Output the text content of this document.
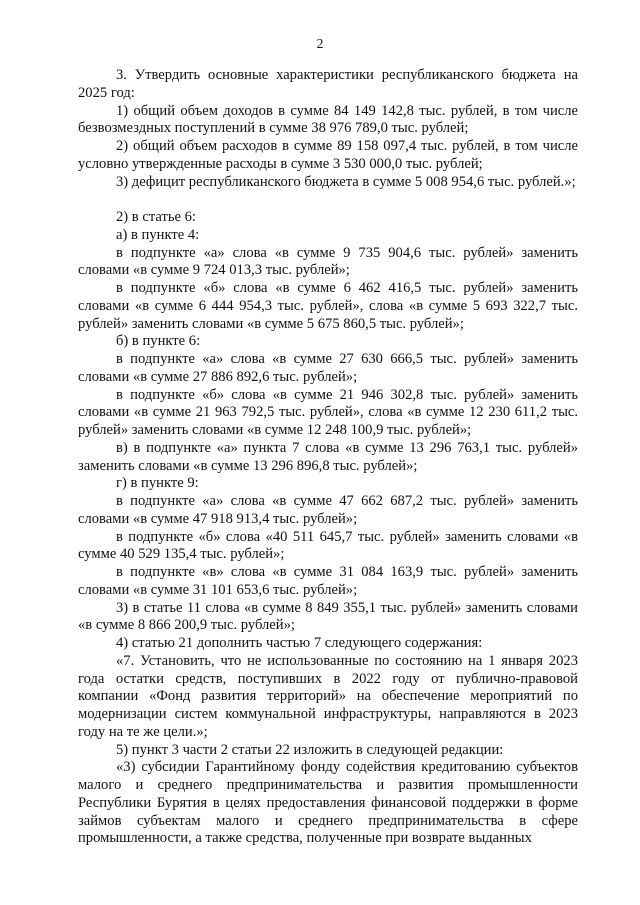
2

3. Утвердить основные характеристики республиканского бюджета на 2025 год:

1) общий объем доходов в сумме 84 149 142,8 тыс. рублей, в том числе безвозмездных поступлений в сумме 38 976 789,0 тыс. рублей;

2) общий объем расходов в сумме 89 158 097,4 тыс. рублей, в том числе условно утвержденные расходы в сумме 3 530 000,0 тыс. рублей;

3) дефицит республиканского бюджета в сумме 5 008 954,6 тыс. рублей.»;

2) в статье 6:

а) в пункте 4:

в подпункте «а» слова «в сумме 9 735 904,6 тыс. рублей» заменить словами «в сумме 9 724 013,3 тыс. рублей»;

в подпункте «б» слова «в сумме 6 462 416,5 тыс. рублей» заменить словами «в сумме 6 444 954,3 тыс. рублей», слова «в сумме 5 693 322,7 тыс. рублей» заменить словами «в сумме 5 675 860,5 тыс. рублей»;

б) в пункте 6:

в подпункте «а» слова «в сумме 27 630 666,5 тыс. рублей» заменить словами «в сумме 27 886 892,6 тыс. рублей»;

в подпункте «б» слова «в сумме 21 946 302,8 тыс. рублей» заменить словами «в сумме 21 963 792,5 тыс. рублей», слова «в сумме 12 230 611,2 тыс. рублей» заменить словами «в сумме 12 248 100,9 тыс. рублей»;

в) в подпункте «а» пункта 7 слова «в сумме 13 296 763,1 тыс. рублей» заменить словами «в сумме 13 296 896,8 тыс. рублей»;

г) в пункте 9:

в подпункте «а» слова «в сумме 47 662 687,2 тыс. рублей» заменить словами «в сумме 47 918 913,4 тыс. рублей»;

в подпункте «б» слова «40 511 645,7 тыс. рублей» заменить словами «в сумме 40 529 135,4 тыс. рублей»;

в подпункте «в» слова «в сумме 31 084 163,9 тыс. рублей» заменить словами «в сумме 31 101 653,6 тыс. рублей»;

3) в статье 11 слова «в сумме 8 849 355,1 тыс. рублей» заменить словами «в сумме 8 866 200,9 тыс. рублей»;

4) статью 21 дополнить частью 7 следующего содержания:

«7. Установить, что не использованные по состоянию на 1 января 2023 года остатки средств, поступивших в 2022 году от публично-правовой компании «Фонд развития территорий» на обеспечение мероприятий по модернизации систем коммунальной инфраструктуры, направляются в 2023 году на те же цели.»;

5) пункт 3 части 2 статьи 22 изложить в следующей редакции:

«3) субсидии Гарантийному фонду содействия кредитованию субъектов малого и среднего предпринимательства и развития промышленности Республики Бурятия в целях предоставления финансовой поддержки в форме займов субъектам малого и среднего предпринимательства в сфере промышленности, а также средства, полученные при возврате выданных
